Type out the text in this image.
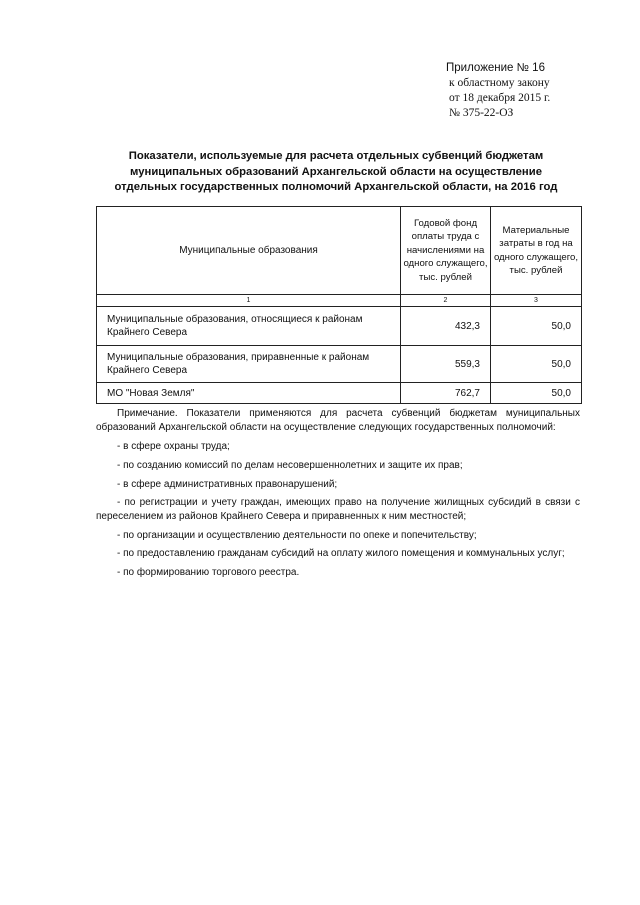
Приложение № 16
к областному закону
от 18 декабря 2015 г.
№ 375-22-ОЗ
Показатели, используемые для расчета отдельных субвенций бюджетам
муниципальных образований Архангельской области на осуществление
отдельных государственных полномочий Архангельской области, на 2016 год
Муниципальные образования	Годовой фонд оплаты труда с начислениями на одного служащего, тыс. рублей	Материальные затраты в год на одного служащего, тыс. рублей
1	2	3
Муниципальные образования, относящиеся к районам Крайнего Севера	432,3	50,0
Муниципальные образования, приравненные к районам Крайнего Севера	559,3	50,0
МО "Новая Земля"	762,7	50,0
Примечание. Показатели применяются для расчета субвенций бюджетам муниципальных образований Архангельской области на осуществление следующих государственных полномочий:
- в сфере охраны труда;
- по созданию комиссий по делам несовершеннолетних и защите их прав;
- в сфере административных правонарушений;
- по регистрации и учету граждан, имеющих право на получение жилищных субсидий в связи с переселением из районов Крайнего Севера и приравненных к ним местностей;
- по организации и осуществлению деятельности по опеке и попечительству;
- по предоставлению гражданам субсидий на оплату жилого помещения и коммунальных услуг;
- по формированию торгового реестра.
